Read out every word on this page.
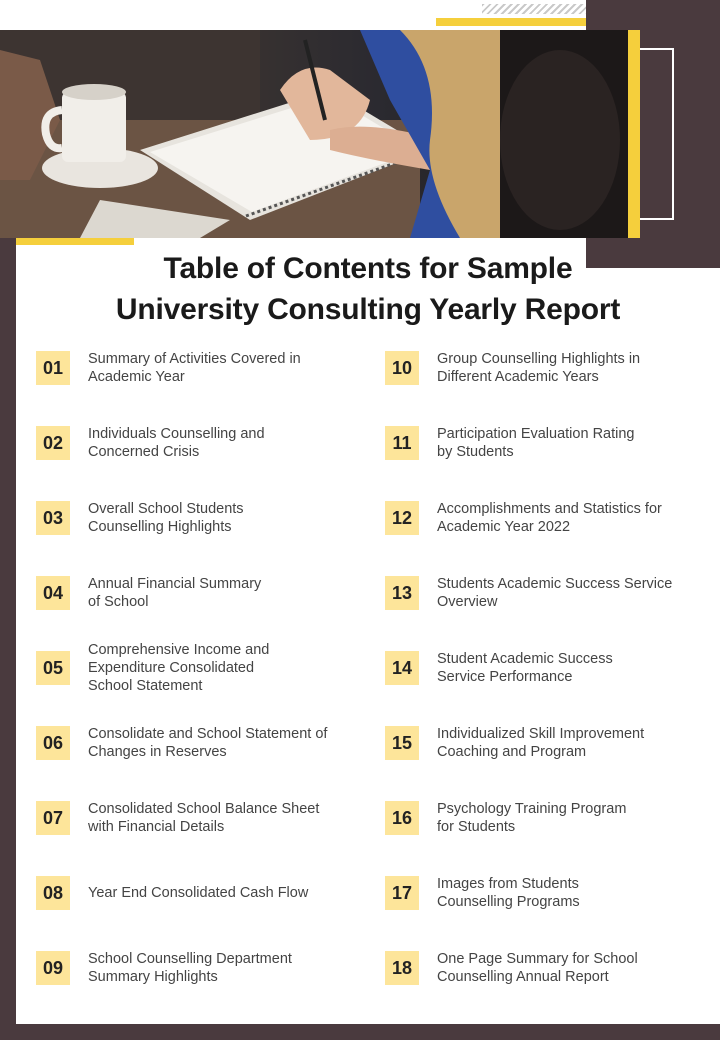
Table of Contents for Sample
University Consulting Yearly Report
01	Summary of Activities Covered in
Academic Year
02	Individuals Counselling and
Concerned Crisis
03	Overall School Students
Counselling Highlights
04	Annual Financial Summary
of School
05
Comprehensive Income and
Expenditure Consolidated
School Statement
06	Consolidate and School Statement of
Changes in Reserves
07	Consolidated School Balance Sheet
with Financial Details
08	Year End Consolidated Cash Flow
09	School Counselling Department
Summary Highlights
10	Group Counselling Highlights in
Different Academic Years
11	Participation Evaluation Rating
by Students
12	Accomplishments and Statistics for
Academic Year 2022
13	Students Academic Success Service
Overview
14	Student Academic Success
Service Performance
15	Individualized Skill Improvement
Coaching and Program
16	Psychology Training Program
for Students
17	Images from Students
Counselling Programs
18	One Page Summary for School
Counselling Annual Report
